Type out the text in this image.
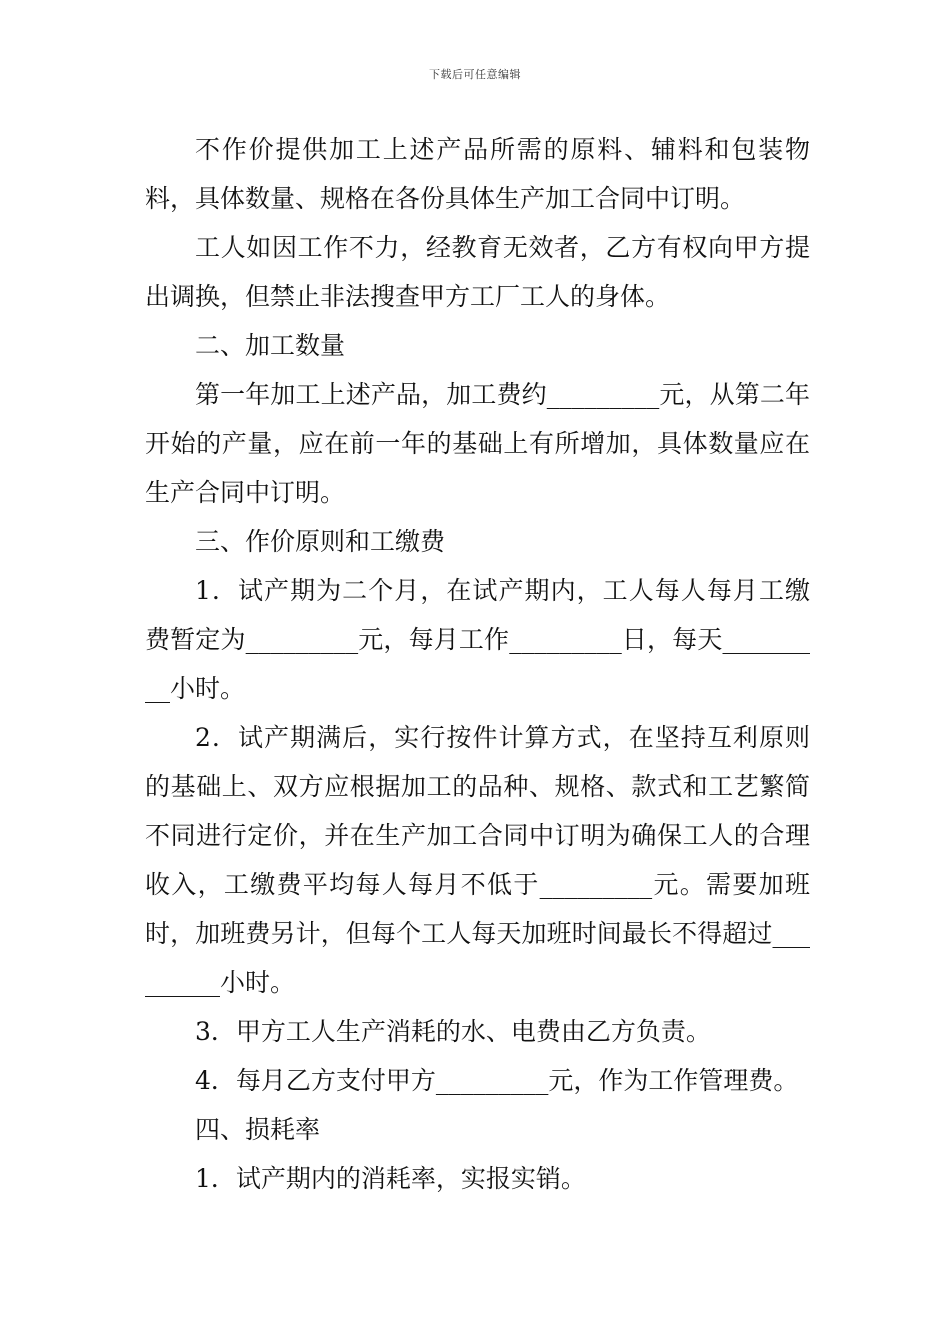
下载后可任意编辑

不作价提供加工上述产品所需的原料、辅料和包装物料，具体数量、规格在各份具体生产加工合同中订明。

工人如因工作不力，经教育无效者，乙方有权向甲方提出调换，但禁止非法搜查甲方工厂工人的身体。

二、加工数量

第一年加工上述产品，加工费约_________元，从第二年开始的产量，应在前一年的基础上有所增加，具体数量应在生产合同中订明。

三、作价原则和工缴费

1．试产期为二个月，在试产期内，工人每人每月工缴费暂定为_________元，每月工作_________日，每天_________小时。

2．试产期满后，实行按件计算方式，在坚持互利原则的基础上、双方应根据加工的品种、规格、款式和工艺繁简不同进行定价，并在生产加工合同中订明为确保工人的合理收入，工缴费平均每人每月不低于_________元。需要加班时，加班费另计，但每个工人每天加班时间最长不得超过_________小时。

3．甲方工人生产消耗的水、电费由乙方负责。

4．每月乙方支付甲方_________元，作为工作管理费。

四、损耗率

1．试产期内的消耗率，实报实销。
